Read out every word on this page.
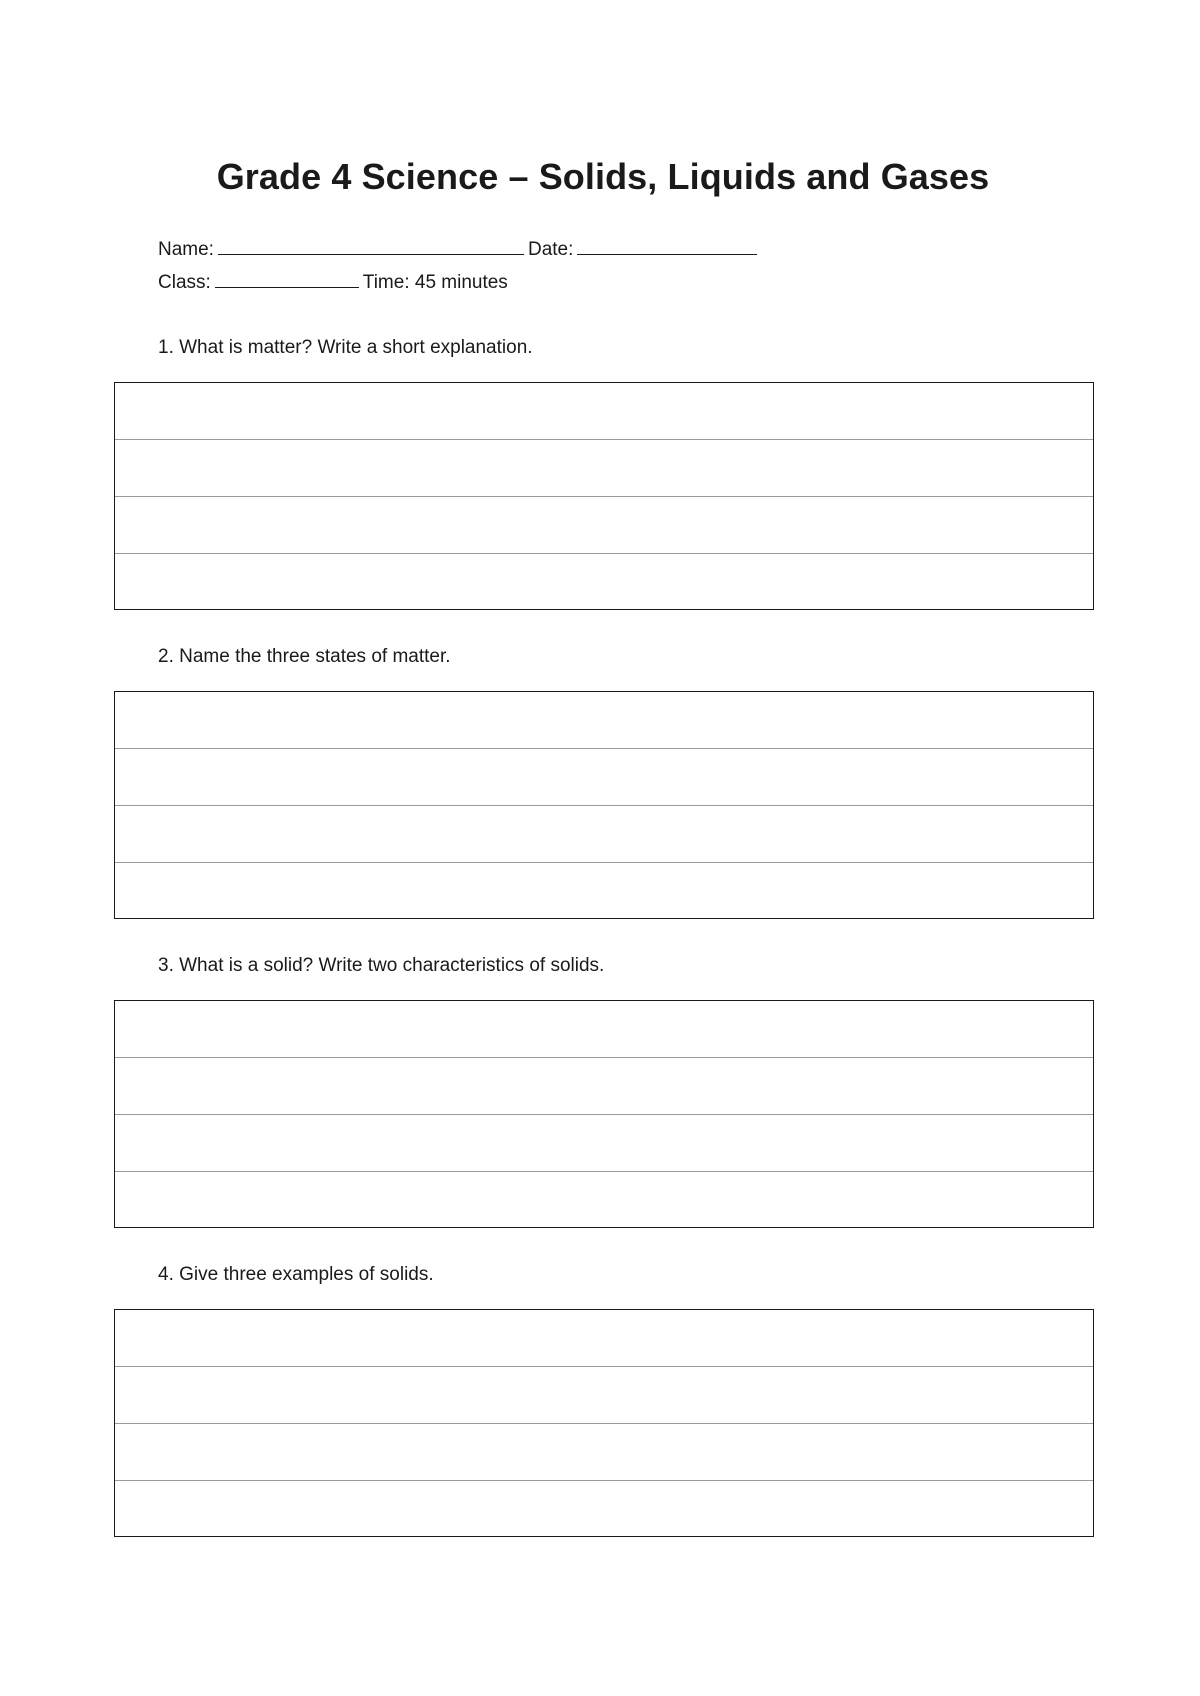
Grade 4 Science – Solids, Liquids and Gases
Name:	Date:
Class:	Time: 45 minutes

1. What is matter? Write a short explanation.

2. Name the three states of matter.

3. What is a solid? Write two characteristics of solids.

4. Give three examples of solids.
